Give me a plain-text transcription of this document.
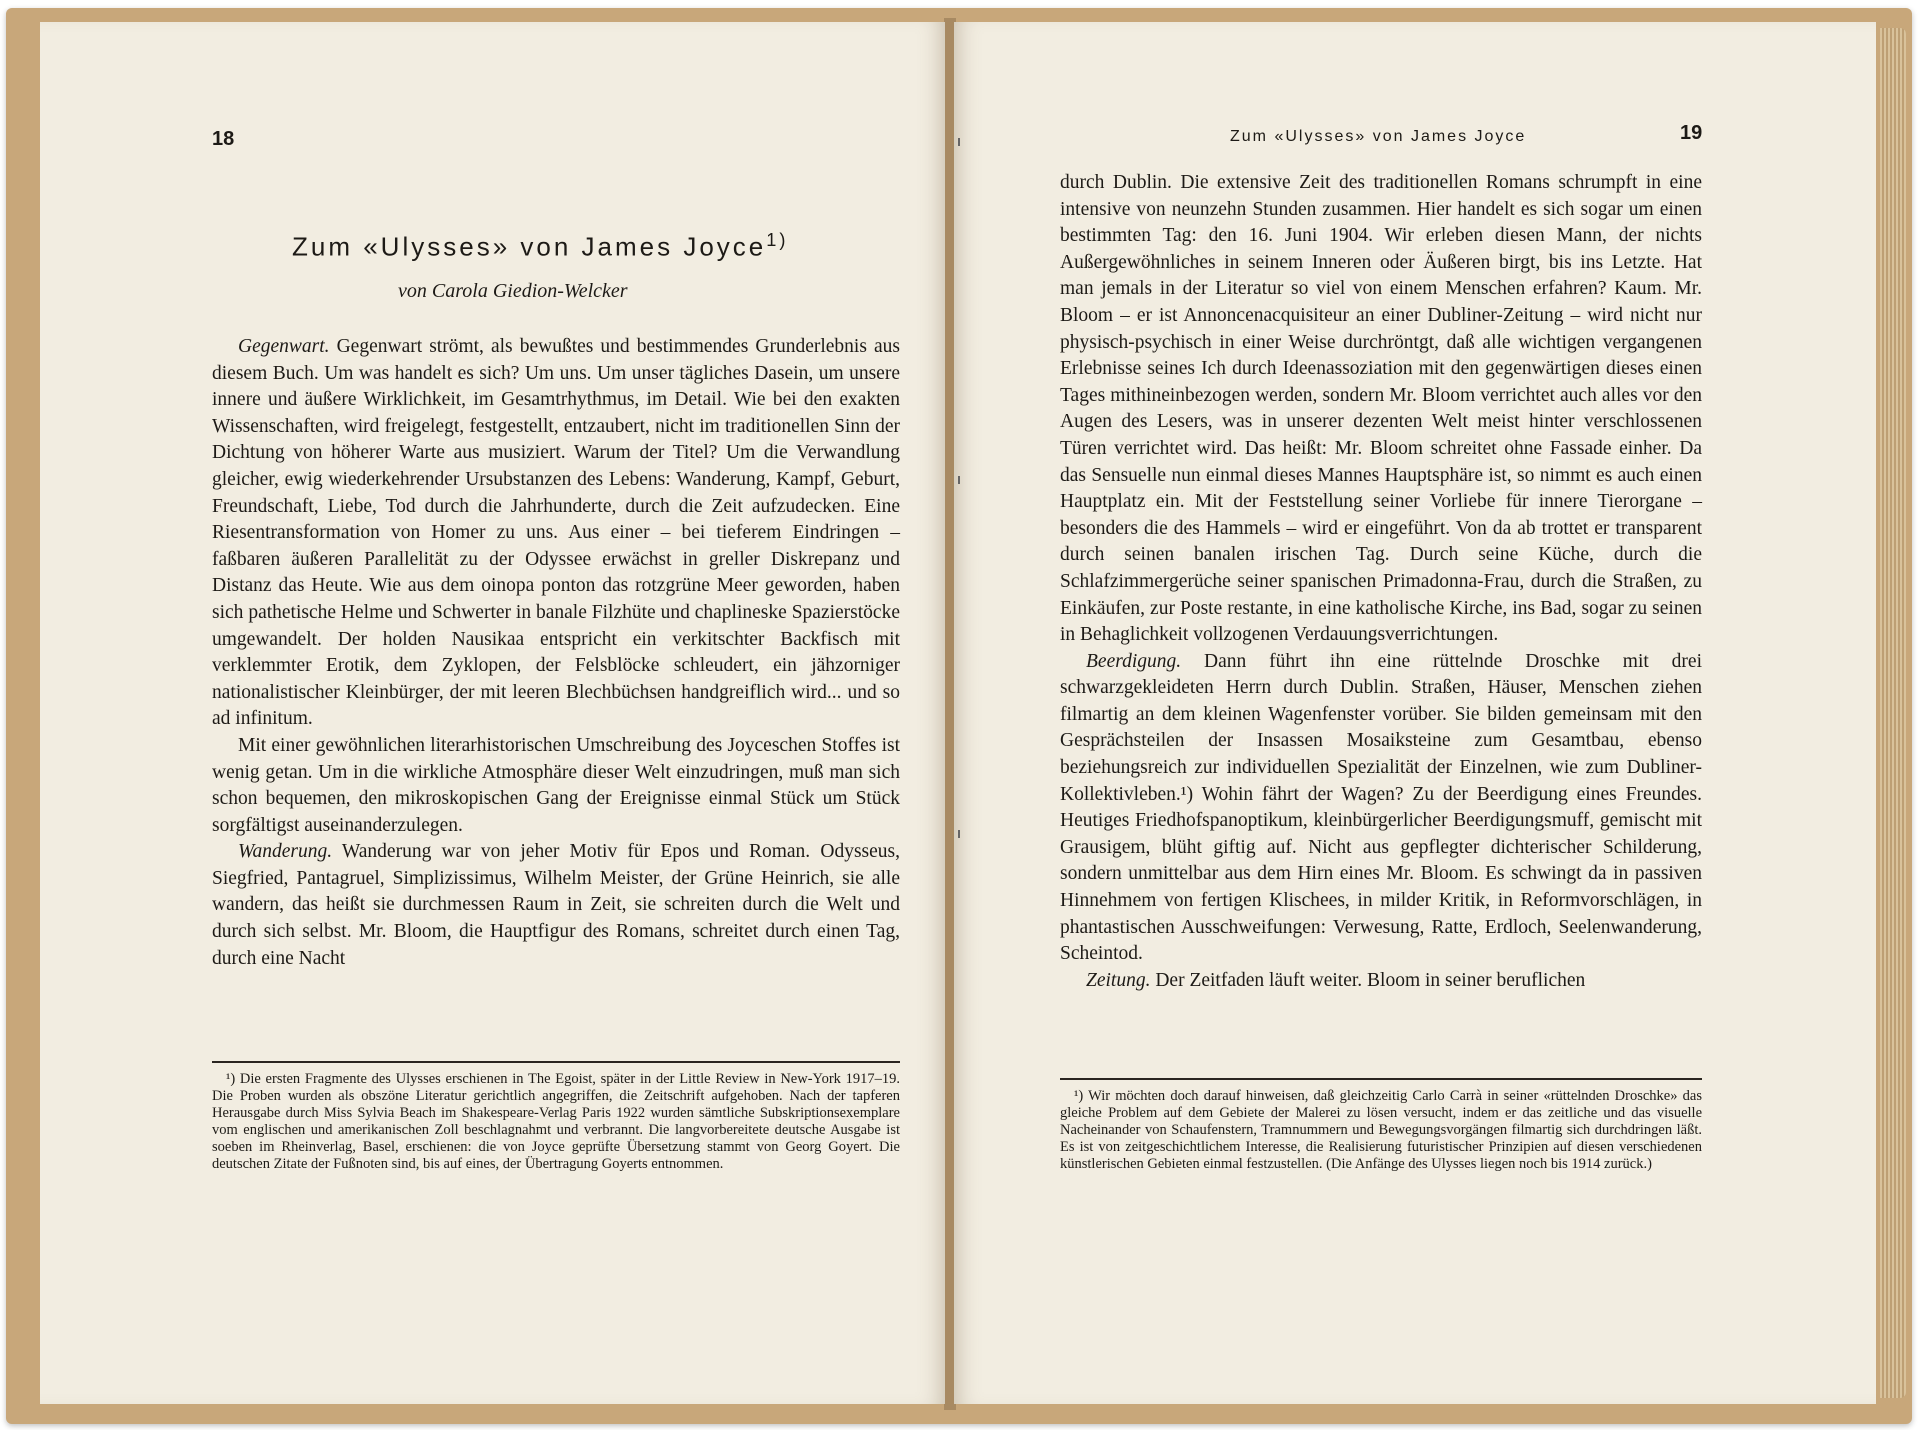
18
Zum «Ulysses» von James Joyce$^{1)}$
von Carola Giedion-Welcker

Gegenwart. Gegenwart strömt, als bewußtes und bestimmendes Grunderlebnis aus diesem Buch. Um was handelt es sich? Um uns. Um unser tägliches Dasein, um unsere innere und äußere Wirklichkeit, im Gesamtrhythmus, im Detail. Wie bei den exakten Wissenschaften, wird freigelegt, festgestellt, entzaubert, nicht im traditionellen Sinn der Dichtung von höherer Warte aus musiziert. Warum der Titel? Um die Verwandlung gleicher, ewig wiederkehrender Ursubstanzen des Lebens: Wanderung, Kampf, Geburt, Freundschaft, Liebe, Tod durch die Jahrhunderte, durch die Zeit aufzudecken. Eine Riesentransformation von Homer zu uns. Aus einer – bei tieferem Eindringen – faßbaren äußeren Parallelität zu der Odyssee erwächst in greller Diskrepanz und Distanz das Heute. Wie aus dem oinopa ponton das rotzgrüne Meer geworden, haben sich pathetische Helme und Schwerter in banale Filzhüte und chaplineske Spazierstöcke umgewandelt. Der holden Nausikaa entspricht ein verkitschter Backfisch mit verklemmter Erotik, dem Zyklopen, der Felsblöcke schleudert, ein jähzorniger nationalistischer Kleinbürger, der mit leeren Blechbüchsen handgreiflich wird... und so ad infinitum.

Mit einer gewöhnlichen literarhistorischen Umschreibung des Joyceschen Stoffes ist wenig getan. Um in die wirkliche Atmosphäre dieser Welt einzudringen, muß man sich schon bequemen, den mikroskopischen Gang der Ereignisse einmal Stück um Stück sorgfältigst auseinanderzulegen.

Wanderung. Wanderung war von jeher Motiv für Epos und Roman. Odysseus, Siegfried, Pantagruel, Simplizissimus, Wilhelm Meister, der Grüne Heinrich, sie alle wandern, das heißt sie durchmessen Raum in Zeit, sie schreiten durch die Welt und durch sich selbst. Mr. Bloom, die Hauptfigur des Romans, schreitet durch einen Tag, durch eine Nacht

¹) Die ersten Fragmente des Ulysses erschienen in The Egoist, später in der Little Review in New-York 1917–19. Die Proben wurden als obszöne Literatur gerichtlich angegriffen, die Zeitschrift aufgehoben. Nach der tapferen Herausgabe durch Miss Sylvia Beach im Shakespeare-Verlag Paris 1922 wurden sämtliche Subskriptionsexemplare vom englischen und amerikanischen Zoll beschlagnahmt und verbrannt. Die langvorbereitete deutsche Ausgabe ist soeben im Rheinverlag, Basel, erschienen: die von Joyce geprüfte Übersetzung stammt von Georg Goyert. Die deutschen Zitate der Fußnoten sind, bis auf eines, der Übertragung Goyerts entnommen.

Zum «Ulysses» von James Joyce	19

durch Dublin. Die extensive Zeit des traditionellen Romans schrumpft in eine intensive von neunzehn Stunden zusammen. Hier handelt es sich sogar um einen bestimmten Tag: den 16. Juni 1904. Wir erleben diesen Mann, der nichts Außergewöhnliches in seinem Inneren oder Äußeren birgt, bis ins Letzte. Hat man jemals in der Literatur so viel von einem Menschen erfahren? Kaum. Mr. Bloom – er ist Annoncenacquisiteur an einer Dubliner-Zeitung – wird nicht nur physisch-psychisch in einer Weise durchröntgt, daß alle wichtigen vergangenen Erlebnisse seines Ich durch Ideenassoziation mit den gegenwärtigen dieses einen Tages mithineinbezogen werden, sondern Mr. Bloom verrichtet auch alles vor den Augen des Lesers, was in unserer dezenten Welt meist hinter verschlossenen Türen verrichtet wird. Das heißt: Mr. Bloom schreitet ohne Fassade einher. Da das Sensuelle nun einmal dieses Mannes Hauptsphäre ist, so nimmt es auch einen Hauptplatz ein. Mit der Feststellung seiner Vorliebe für innere Tierorgane – besonders die des Hammels – wird er eingeführt. Von da ab trottet er transparent durch seinen banalen irischen Tag. Durch seine Küche, durch die Schlafzimmergerüche seiner spanischen Primadonna-Frau, durch die Straßen, zu Einkäufen, zur Poste restante, in eine katholische Kirche, ins Bad, sogar zu seinen in Behaglichkeit vollzogenen Verdauungsverrichtungen.

Beerdigung. Dann führt ihn eine rüttelnde Droschke mit drei schwarzgekleideten Herrn durch Dublin. Straßen, Häuser, Menschen ziehen filmartig an dem kleinen Wagenfenster vorüber. Sie bilden gemeinsam mit den Gesprächsteilen der Insassen Mosaiksteine zum Gesamtbau, ebenso beziehungsreich zur individuellen Spezialität der Einzelnen, wie zum Dubliner-Kollektivleben.¹) Wohin fährt der Wagen? Zu der Beerdigung eines Freundes. Heutiges Friedhofspanoptikum, kleinbürgerlicher Beerdigungsmuff, gemischt mit Grausigem, blüht giftig auf. Nicht aus gepflegter dichterischer Schilderung, sondern unmittelbar aus dem Hirn eines Mr. Bloom. Es schwingt da in passiven Hinnehmem von fertigen Klischees, in milder Kritik, in Reformvorschlägen, in phantastischen Ausschweifungen: Verwesung, Ratte, Erdloch, Seelenwanderung, Scheintod.

Zeitung. Der Zeitfaden läuft weiter. Bloom in seiner beruflichen

¹) Wir möchten doch darauf hinweisen, daß gleichzeitig Carlo Carrà in seiner «rüttelnden Droschke» das gleiche Problem auf dem Gebiete der Malerei zu lösen versucht, indem er das zeitliche und das visuelle Nacheinander von Schaufenstern, Tramnummern und Bewegungsvorgängen filmartig sich durchdringen läßt. Es ist von zeitgeschichtlichem Interesse, die Realisierung futuristischer Prinzipien auf diesen verschiedenen künstlerischen Gebieten einmal festzustellen. (Die Anfänge des Ulysses liegen noch bis 1914 zurück.)
